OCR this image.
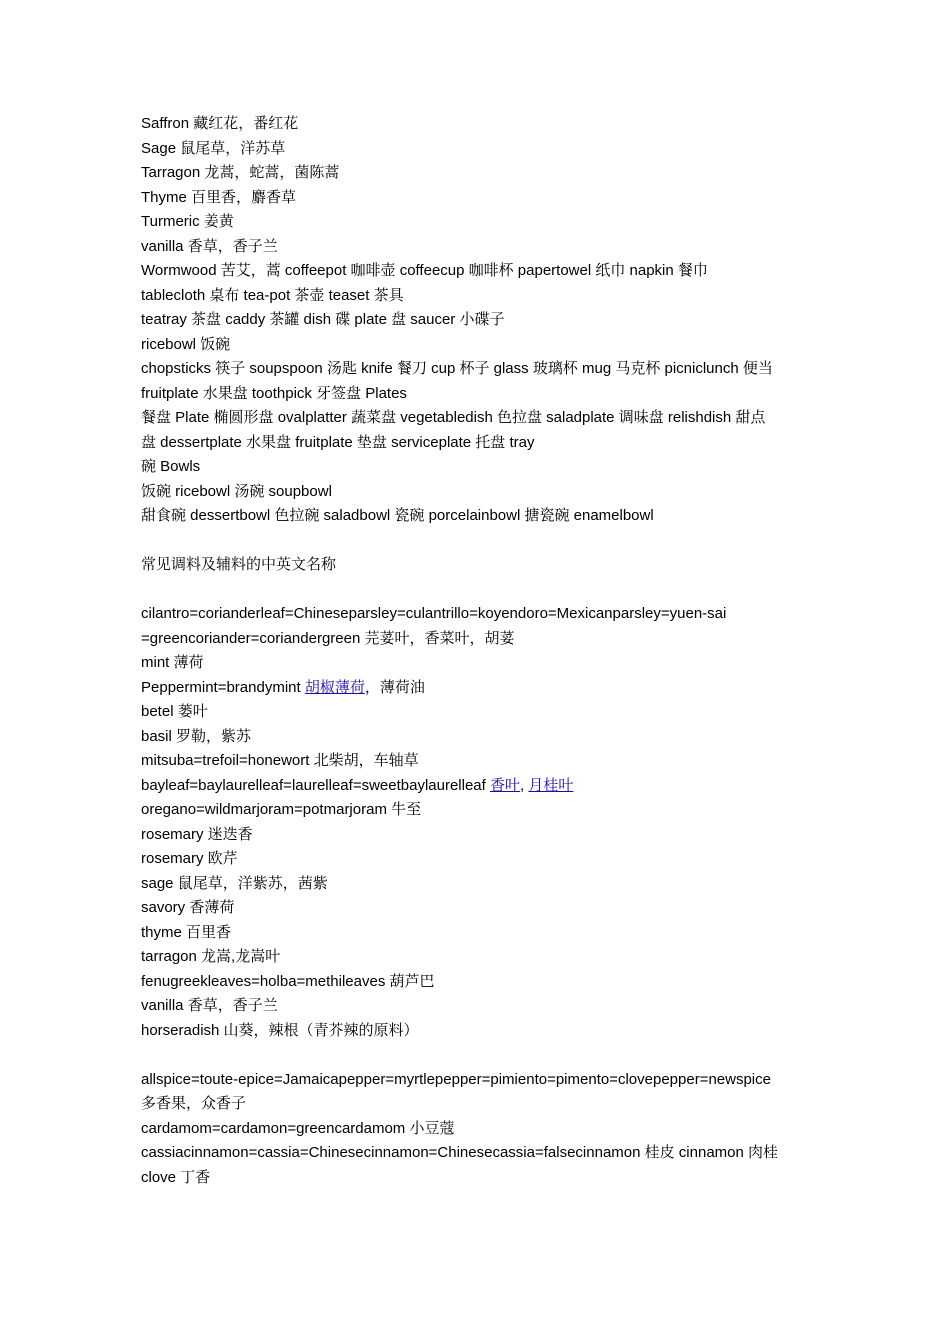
Saffron 藏红花，番红花
Sage 鼠尾草，洋苏草
Tarragon 龙蒿，蛇蒿，菌陈蒿
Thyme 百里香，麝香草
Turmeric 姜黄
vanilla 香草，香子兰
Wormwood 苦艾，蒿 coffeepot 咖啡壶 coffeecup 咖啡杯 papertowel 纸巾 napkin 餐巾
tablecloth 桌布 tea-pot 茶壶 teaset 茶具
teatray 茶盘 caddy 茶罐 dish 碟 plate 盘 saucer 小碟子
ricebowl 饭碗
chopsticks 筷子 soupspoon 汤匙 knife 餐刀 cup 杯子 glass 玻璃杯 mug 马克杯 picniclunch 便当
fruitplate 水果盘 toothpick 牙签盘 Plates
餐盘 Plate 椭圆形盘 ovalplatter 蔬菜盘 vegetabledish 色拉盘 saladplate 调味盘 relishdish 甜点
盘 dessertplate 水果盘 fruitplate 垫盘 serviceplate 托盘 tray
碗 Bowls
饭碗 ricebowl 汤碗 soupbowl
甜食碗 dessertbowl 色拉碗 saladbowl 瓷碗 porcelainbowl 搪瓷碗 enamelbowl
常见调料及辅料的中英文名称
cilantro=corianderleaf=Chineseparsley=culantrillo=koyendoro=Mexicanparsley=yuen-sai
=greencoriander=coriandergreen 芫荽叶，香菜叶，胡荽
mint 薄荷
Peppermint=brandymint 胡椒薄荷，薄荷油
betel 蒌叶
basil 罗勒，紫苏
mitsuba=trefoil=honewort 北柴胡，车轴草
bayleaf=baylaurelleaf=laurelleaf=sweetbaylaurelleaf 香叶, 月桂叶
oregano=wildmarjoram=potmarjoram 牛至
rosemary 迷迭香
rosemary 欧芹
sage 鼠尾草，洋紫苏，茜紫
savory 香薄荷
thyme 百里香
tarragon 龙嵩,龙嵩叶
fenugreekleaves=holba=methileaves 葫芦巴
vanilla 香草，香子兰
horseradish 山葵，辣根（青芥辣的原料）
allspice=toute-epice=Jamaicapepper=myrtlepepper=pimiento=pimento=clovepepper=newspice
多香果，众香子
cardamom=cardamon=greencardamom 小豆蔻
cassiacinnamon=cassia=Chinesecinnamon=Chinesecassia=falsecinnamon 桂皮 cinnamon 肉桂
clove 丁香
